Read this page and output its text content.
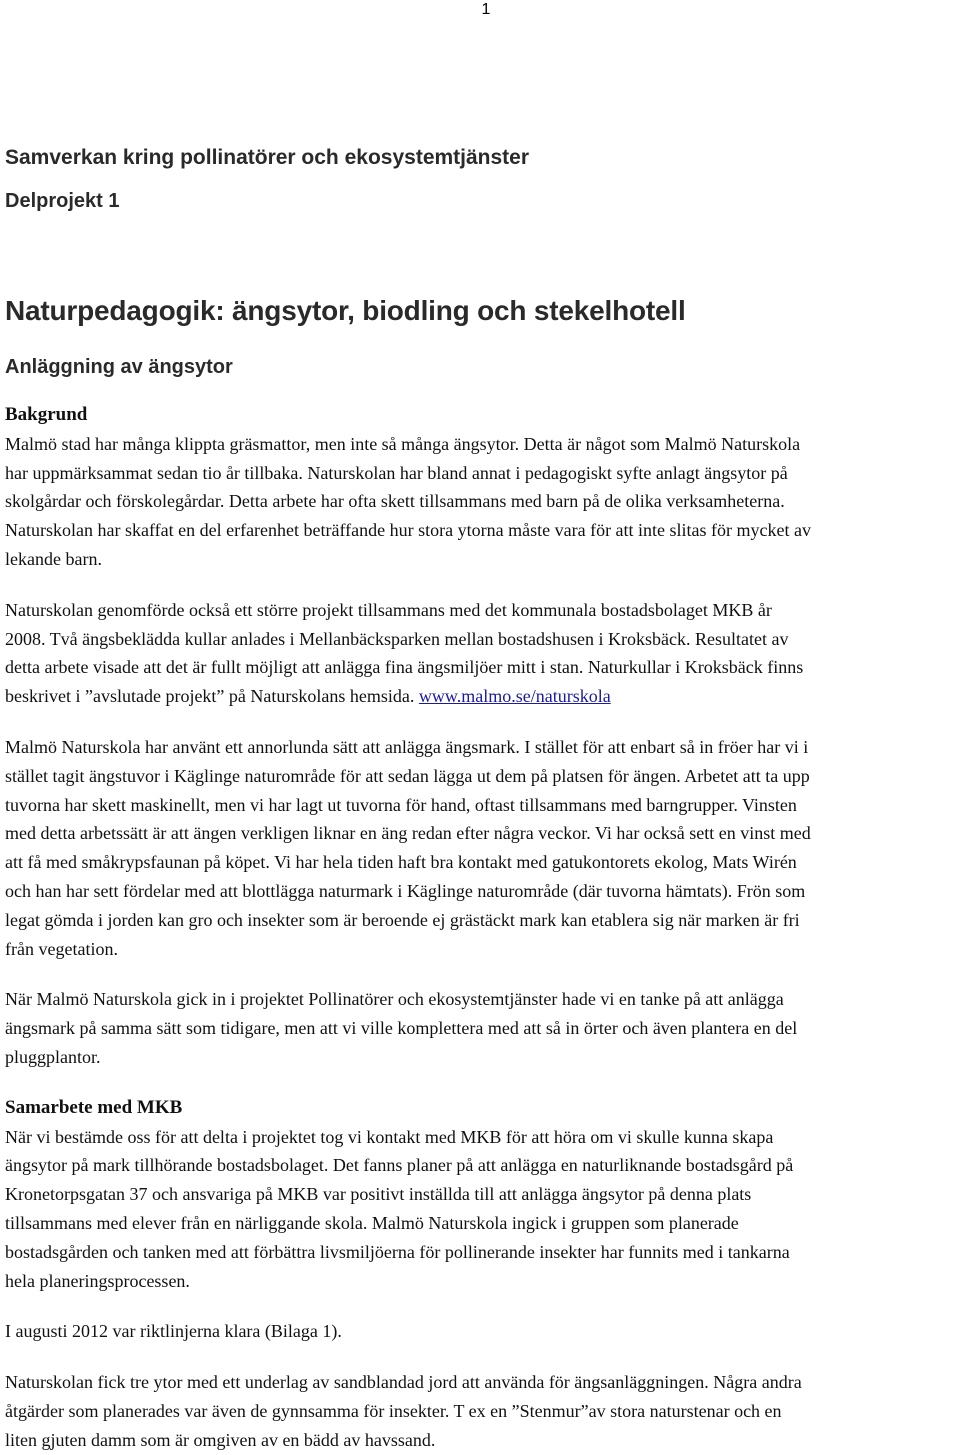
1
Samverkan kring pollinatörer och ekosystemtjänster
Delprojekt 1
Naturpedagogik: ängsytor, biodling och stekelhotell
Anläggning av ängsytor
Bakgrund

Malmö stad har många klippta gräsmattor, men inte så många ängsytor. Detta är något som Malmö Naturskola
har uppmärksammat sedan tio år tillbaka. Naturskolan har bland annat i pedagogiskt syfte anlagt ängsytor på
skolgårdar och förskolegårdar. Detta arbete har ofta skett tillsammans med barn på de olika verksamheterna.
Naturskolan har skaffat en del erfarenhet beträffande hur stora ytorna måste vara för att inte slitas för mycket av
lekande barn.

Naturskolan genomförde också ett större projekt tillsammans med det kommunala bostadsbolaget MKB år
2008. Två ängsbeklädda kullar anlades i Mellanbäcksparken mellan bostadshusen i Kroksbäck. Resultatet av
detta arbete visade att det är fullt möjligt att anlägga fina ängsmiljöer mitt i stan. Naturkullar i Kroksbäck finns
beskrivet i ”avslutade projekt” på Naturskolans hemsida. www.malmo.se/naturskola

Malmö Naturskola har använt ett annorlunda sätt att anlägga ängsmark. I stället för att enbart så in fröer har vi i
stället tagit ängstuvor i Käglinge naturområde för att sedan lägga ut dem på platsen för ängen. Arbetet att ta upp
tuvorna har skett maskinellt, men vi har lagt ut tuvorna för hand, oftast tillsammans med barngrupper. Vinsten
med detta arbetssätt är att ängen verkligen liknar en äng redan efter några veckor. Vi har också sett en vinst med
att få med småkrypsfaunan på köpet. Vi har hela tiden haft bra kontakt med gatukontorets ekolog, Mats Wirén
och han har sett fördelar med att blottlägga naturmark i Käglinge naturområde (där tuvorna hämtats). Frön som
legat gömda i jorden kan gro och insekter som är beroende ej grästäckt mark kan etablera sig när marken är fri
från vegetation.

När Malmö Naturskola gick in i projektet Pollinatörer och ekosystemtjänster hade vi en tanke på att anlägga
ängsmark på samma sätt som tidigare, men att vi ville komplettera med att så in örter och även plantera en del
pluggplantor.

Samarbete med MKB

När vi bestämde oss för att delta i projektet tog vi kontakt med MKB för att höra om vi skulle kunna skapa
ängsytor på mark tillhörande bostadsbolaget. Det fanns planer på att anlägga en naturliknande bostadsgård på
Kronetorpsgatan 37 och ansvariga på MKB var positivt inställda till att anlägga ängsytor på denna plats
tillsammans med elever från en närliggande skola. Malmö Naturskola ingick i gruppen som planerade
bostadsgården och tanken med att förbättra livsmiljöerna för pollinerande insekter har funnits med i tankarna
hela planeringsprocessen.

I augusti 2012 var riktlinjerna klara (Bilaga 1).

Naturskolan fick tre ytor med ett underlag av sandblandad jord att använda för ängsanläggningen. Några andra
åtgärder som planerades var även de gynnsamma för insekter. T ex en ”Stenmur”av stora naturstenar och en
liten gjuten damm som är omgiven av en bädd av havssand.
